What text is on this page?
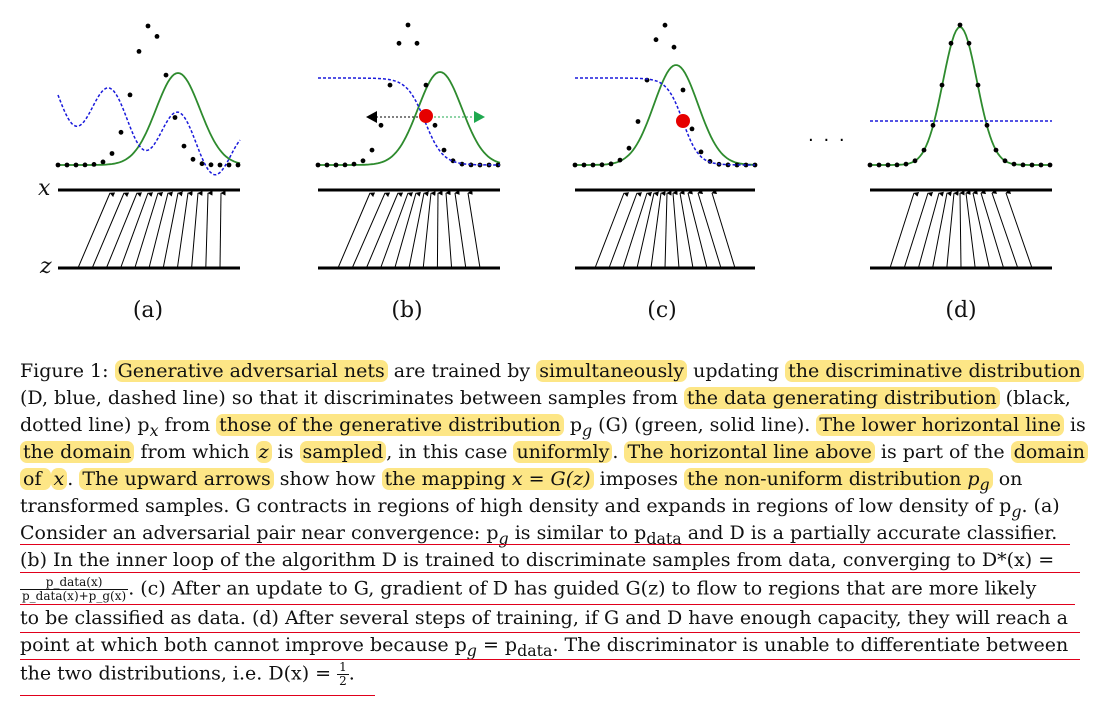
x
z
· · ·
(a)	(b)	(c)	(d)
Figure 1: Generative adversarial nets are trained by simultaneously updating the discriminative distribution
(D, blue, dashed line) so that it discriminates between samples from the data generating distribution (black,
dotted line) $p_x$ from those of the generative distribution $p_g$ (G) (green, solid line). The lower horizontal line is
the domain from which z is sampled , in this case uniformly . The horizontal line above is part of the domain
of x . The upward arrows show how the mapping x = G(z) imposes the non-uniform distribution $p_g$ on
transformed samples. G contracts in regions of high density and expands in regions of low density of $p_g$. (a)
Consider an adversarial pair near convergence: $p_g$ is similar to $p_{data}$ and D is a partially accurate classifier.
(b) In the inner loop of the algorithm D is trained to discriminate samples from data, converging to D*(x) =
$\frac{\text{p\_data(x)}}{\text{p\_data(x)+p\_g(x)}}$ . (c) After an update to G, gradient of D has guided G(z) to flow to regions that are more likely
to be classified as data. (d) After several steps of training, if G and D have enough capacity, they will reach a
point at which both cannot improve because $p_g = p_{data}$. The discriminator is unable to differentiate between
the two distributions, i.e. $D(x) = \frac{1}{2}$ .
